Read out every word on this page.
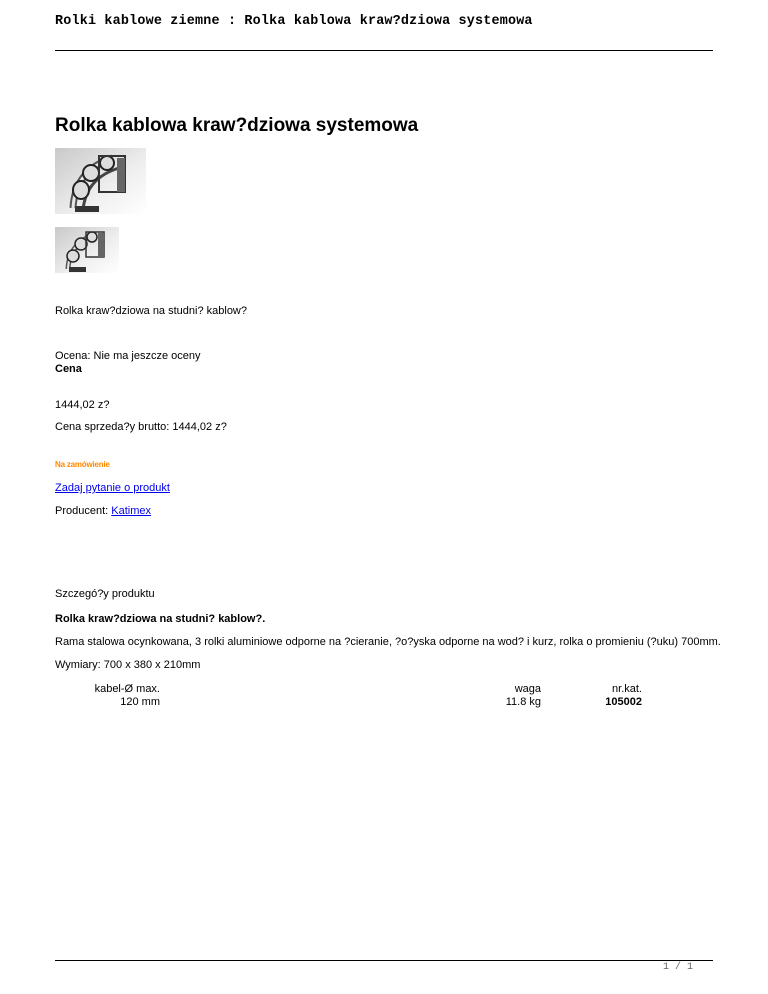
Rolki kablowe ziemne : Rolka kablowa kraw?dziowa systemowa
Rolka kablowa kraw?dziowa systemowa
Rolka kraw?dziowa na studni? kablow?
Ocena: Nie ma jeszcze oceny
Cena
1444,02 z?
Cena sprzeda?y brutto: 1444,02 z?
Na zamówienie
Zadaj pytanie o produkt
Producent: Katimex
Szczegó?y produktu
Rolka kraw?dziowa na studni? kablow?.
Rama stalowa ocynkowana, 3 rolki aluminiowe odporne na ?cieranie, ?o?yska odporne na wod? i kurz, rolka o promieniu (?uku) 700mm.
Wymiary: 700 x 380 x 210mm
kabel-Ø max.
120 mm
waga
11.8 kg
nr.kat.
105002
1 / 1
